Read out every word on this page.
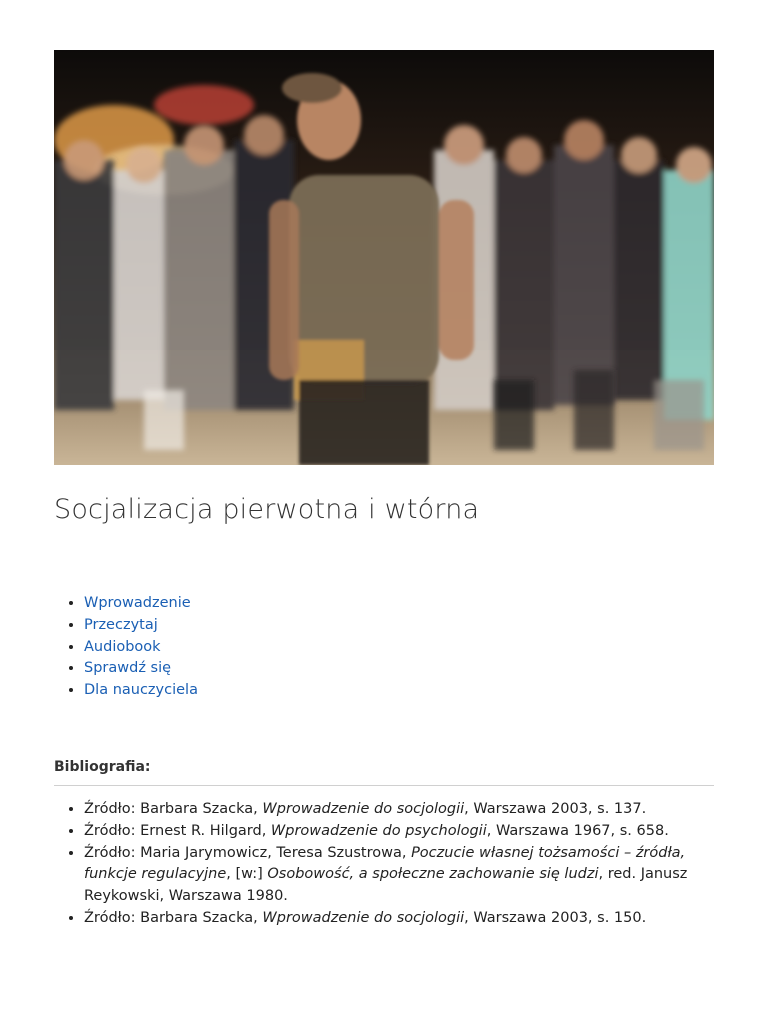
Socjalizacja pierwotna i wtórna
• Wprowadzenie
• Przeczytaj
• Audiobook
• Sprawdź się
• Dla nauczyciela

Bibliografia:

• Źródło: Barbara Szacka, Wprowadzenie do socjologii, Warszawa 2003, s. 137.
• Źródło: Ernest R. Hilgard, Wprowadzenie do psychologii, Warszawa 1967, s. 658.
• Źródło: Maria Jarymowicz, Teresa Szustrowa, Poczucie własnej tożsamości – źródła, funkcje regulacyjne, [w:] Osobowość, a społeczne zachowanie się ludzi, red. Janusz Reykowski, Warszawa 1980.
• Źródło: Barbara Szacka, Wprowadzenie do socjologii, Warszawa 2003, s. 150.
